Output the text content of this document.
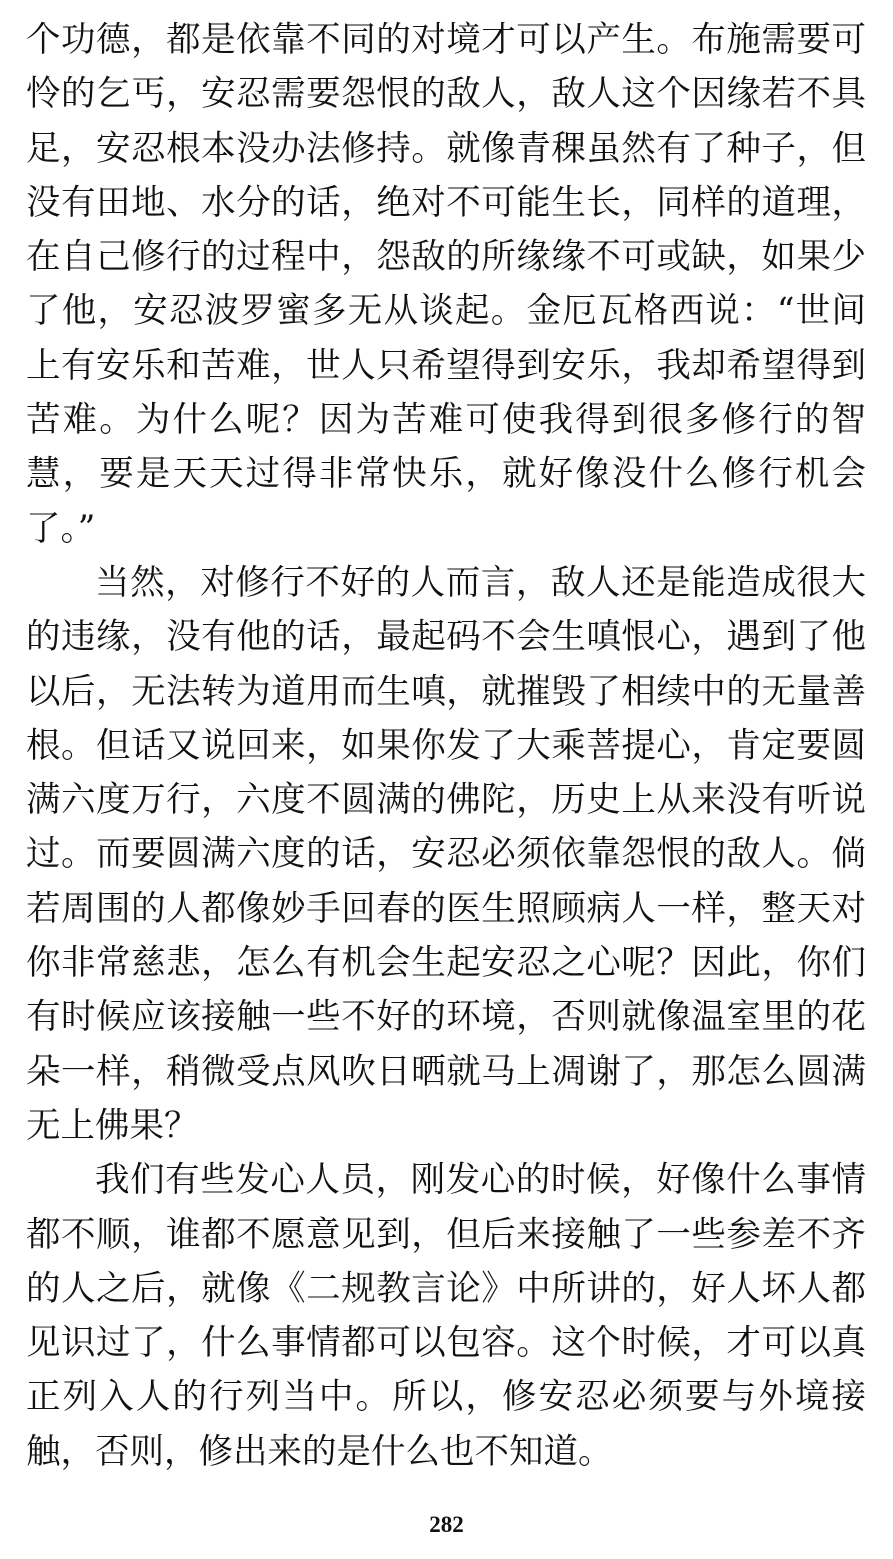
个功德，都是依靠不同的对境才可以产生。布施需要可怜的乞丐，安忍需要怨恨的敌人，敌人这个因缘若不具足，安忍根本没办法修持。就像青稞虽然有了种子，但没有田地、水分的话，绝对不可能生长，同样的道理，在自己修行的过程中，怨敌的所缘缘不可或缺，如果少了他，安忍波罗蜜多无从谈起。金厄瓦格西说：“世间上有安乐和苦难，世人只希望得到安乐，我却希望得到苦难。为什么呢？因为苦难可使我得到很多修行的智慧，要是天天过得非常快乐，就好像没什么修行机会了。”

当然，对修行不好的人而言，敌人还是能造成很大的违缘，没有他的话，最起码不会生嗔恨心，遇到了他以后，无法转为道用而生嗔，就摧毁了相续中的无量善根。但话又说回来，如果你发了大乘菩提心，肯定要圆满六度万行，六度不圆满的佛陀，历史上从来没有听说过。而要圆满六度的话，安忍必须依靠怨恨的敌人。倘若周围的人都像妙手回春的医生照顾病人一样，整天对你非常慈悲，怎么有机会生起安忍之心呢？因此，你们有时候应该接触一些不好的环境，否则就像温室里的花朵一样，稍微受点风吹日晒就马上凋谢了，那怎么圆满无上佛果？

我们有些发心人员，刚发心的时候，好像什么事情都不顺，谁都不愿意见到，但后来接触了一些参差不齐的人之后，就像《二规教言论》中所讲的，好人坏人都见识过了，什么事情都可以包容。这个时候，才可以真正列入人的行列当中。所以，修安忍必须要与外境接触，否则，修出来的是什么也不知道。

282
